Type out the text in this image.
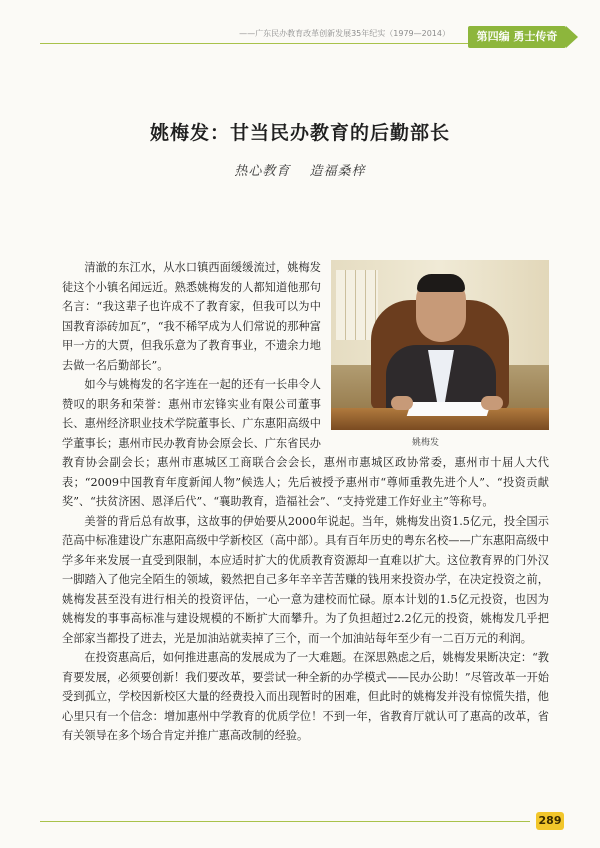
——广东民办教育改革创新发展35年纪实（1979—2014）	第四编 勇士传奇
姚梅发：甘当民办教育的后勤部长
热心教育 造福桑梓
姚梅发

清澈的东江水，从水口镇西面缓缓流过，姚梅发徒这个小镇名闻远近。熟悉姚梅发的人都知道他那句名言：“我这辈子也许成不了教育家，但我可以为中国教育添砖加瓦”，“我不稀罕成为人们常说的那种富甲一方的大贾，但我乐意为了教育事业，不遗余力地去做一名后勤部长”。

如今与姚梅发的名字连在一起的还有一长串令人赞叹的职务和荣誉：惠州市宏锋实业有限公司董事长、惠州经济职业技术学院董事长、广东惠阳高级中学董事长；惠州市民办教育协会原会长、广东省民办教育协会副会长；惠州市惠城区工商联合会会长，惠州市惠城区政协常委，惠州市十届人大代表；“2009中国教育年度新闻人物”候选人；先后被授予惠州市“尊师重教先进个人”、“投资贡献奖”、“扶贫济困、恩泽后代”、“襄助教育，造福社会”、“支持党建工作好业主”等称号。

美誉的背后总有故事，这故事的伊始要从2000年说起。当年，姚梅发出资1.5亿元，投全国示范高中标准建设广东惠阳高级中学新校区（高中部）。具有百年历史的粤东名校——广东惠阳高级中学多年来发展一直受到限制，本应适时扩大的优质教育资源却一直难以扩大。这位教育界的门外汉一脚踏入了他完全陌生的领域，毅然把自己多年辛辛苦苦赚的钱用来投资办学，在决定投资之前，姚梅发甚至没有进行相关的投资评估，一心一意为建校而忙碌。原本计划的1.5亿元投资，也因为姚梅发的事事高标准与建设规模的不断扩大而攀升。为了负担超过2.2亿元的投资，姚梅发几乎把全部家当都投了进去，光是加油站就卖掉了三个，而一个加油站每年至少有一二百万元的利润。

在投资惠高后，如何推进惠高的发展成为了一大难题。在深思熟虑之后，姚梅发果断决定：“教育要发展，必须要创新！我们要改革，要尝试一种全新的办学模式——民办公助！”尽管改革一开始受到孤立，学校因新校区大量的经费投入而出现暂时的困难，但此时的姚梅发并没有惊慌失措，他心里只有一个信念：增加惠州中学教育的优质学位！不到一年，省教育厅就认可了惠高的改革，省有关领导在多个场合肯定并推广惠高改制的经验。

289
